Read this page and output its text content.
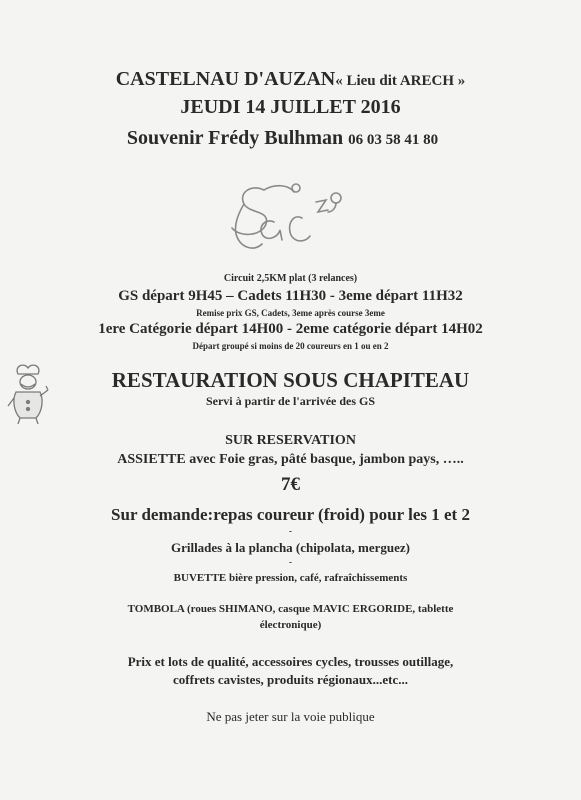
CASTELNAU D'AUZAN« Lieu dit ARECH »
JEUDI 14 JUILLET 2016
Souvenir Frédy Bulhman 06 03 58 41 80
Circuit 2,5KM plat (3 relances)
GS départ 9H45 – Cadets 11H30 - 3eme départ 11H32
Remise prix GS, Cadets, 3eme après course 3eme
1ere Catégorie départ 14H00 - 2eme catégorie départ 14H02
Départ groupé si moins de 20 coureurs en 1 ou en 2
RESTAURATION SOUS CHAPITEAU
Servi à partir de l'arrivée des GS
SUR RESERVATION
ASSIETTE avec Foie gras, pâté basque, jambon pays, …..
7€
Sur demande:repas coureur (froid) pour les 1 et 2
-
Grillades à la plancha (chipolata, merguez)
-
BUVETTE bière pression, café, rafraîchissements
TOMBOLA (roues SHIMANO, casque MAVIC ERGORIDE, tablette
électronique)
Prix et lots de qualité, accessoires cycles, trousses outillage,
coffrets cavistes, produits régionaux...etc...
Ne pas jeter sur la voie publique
